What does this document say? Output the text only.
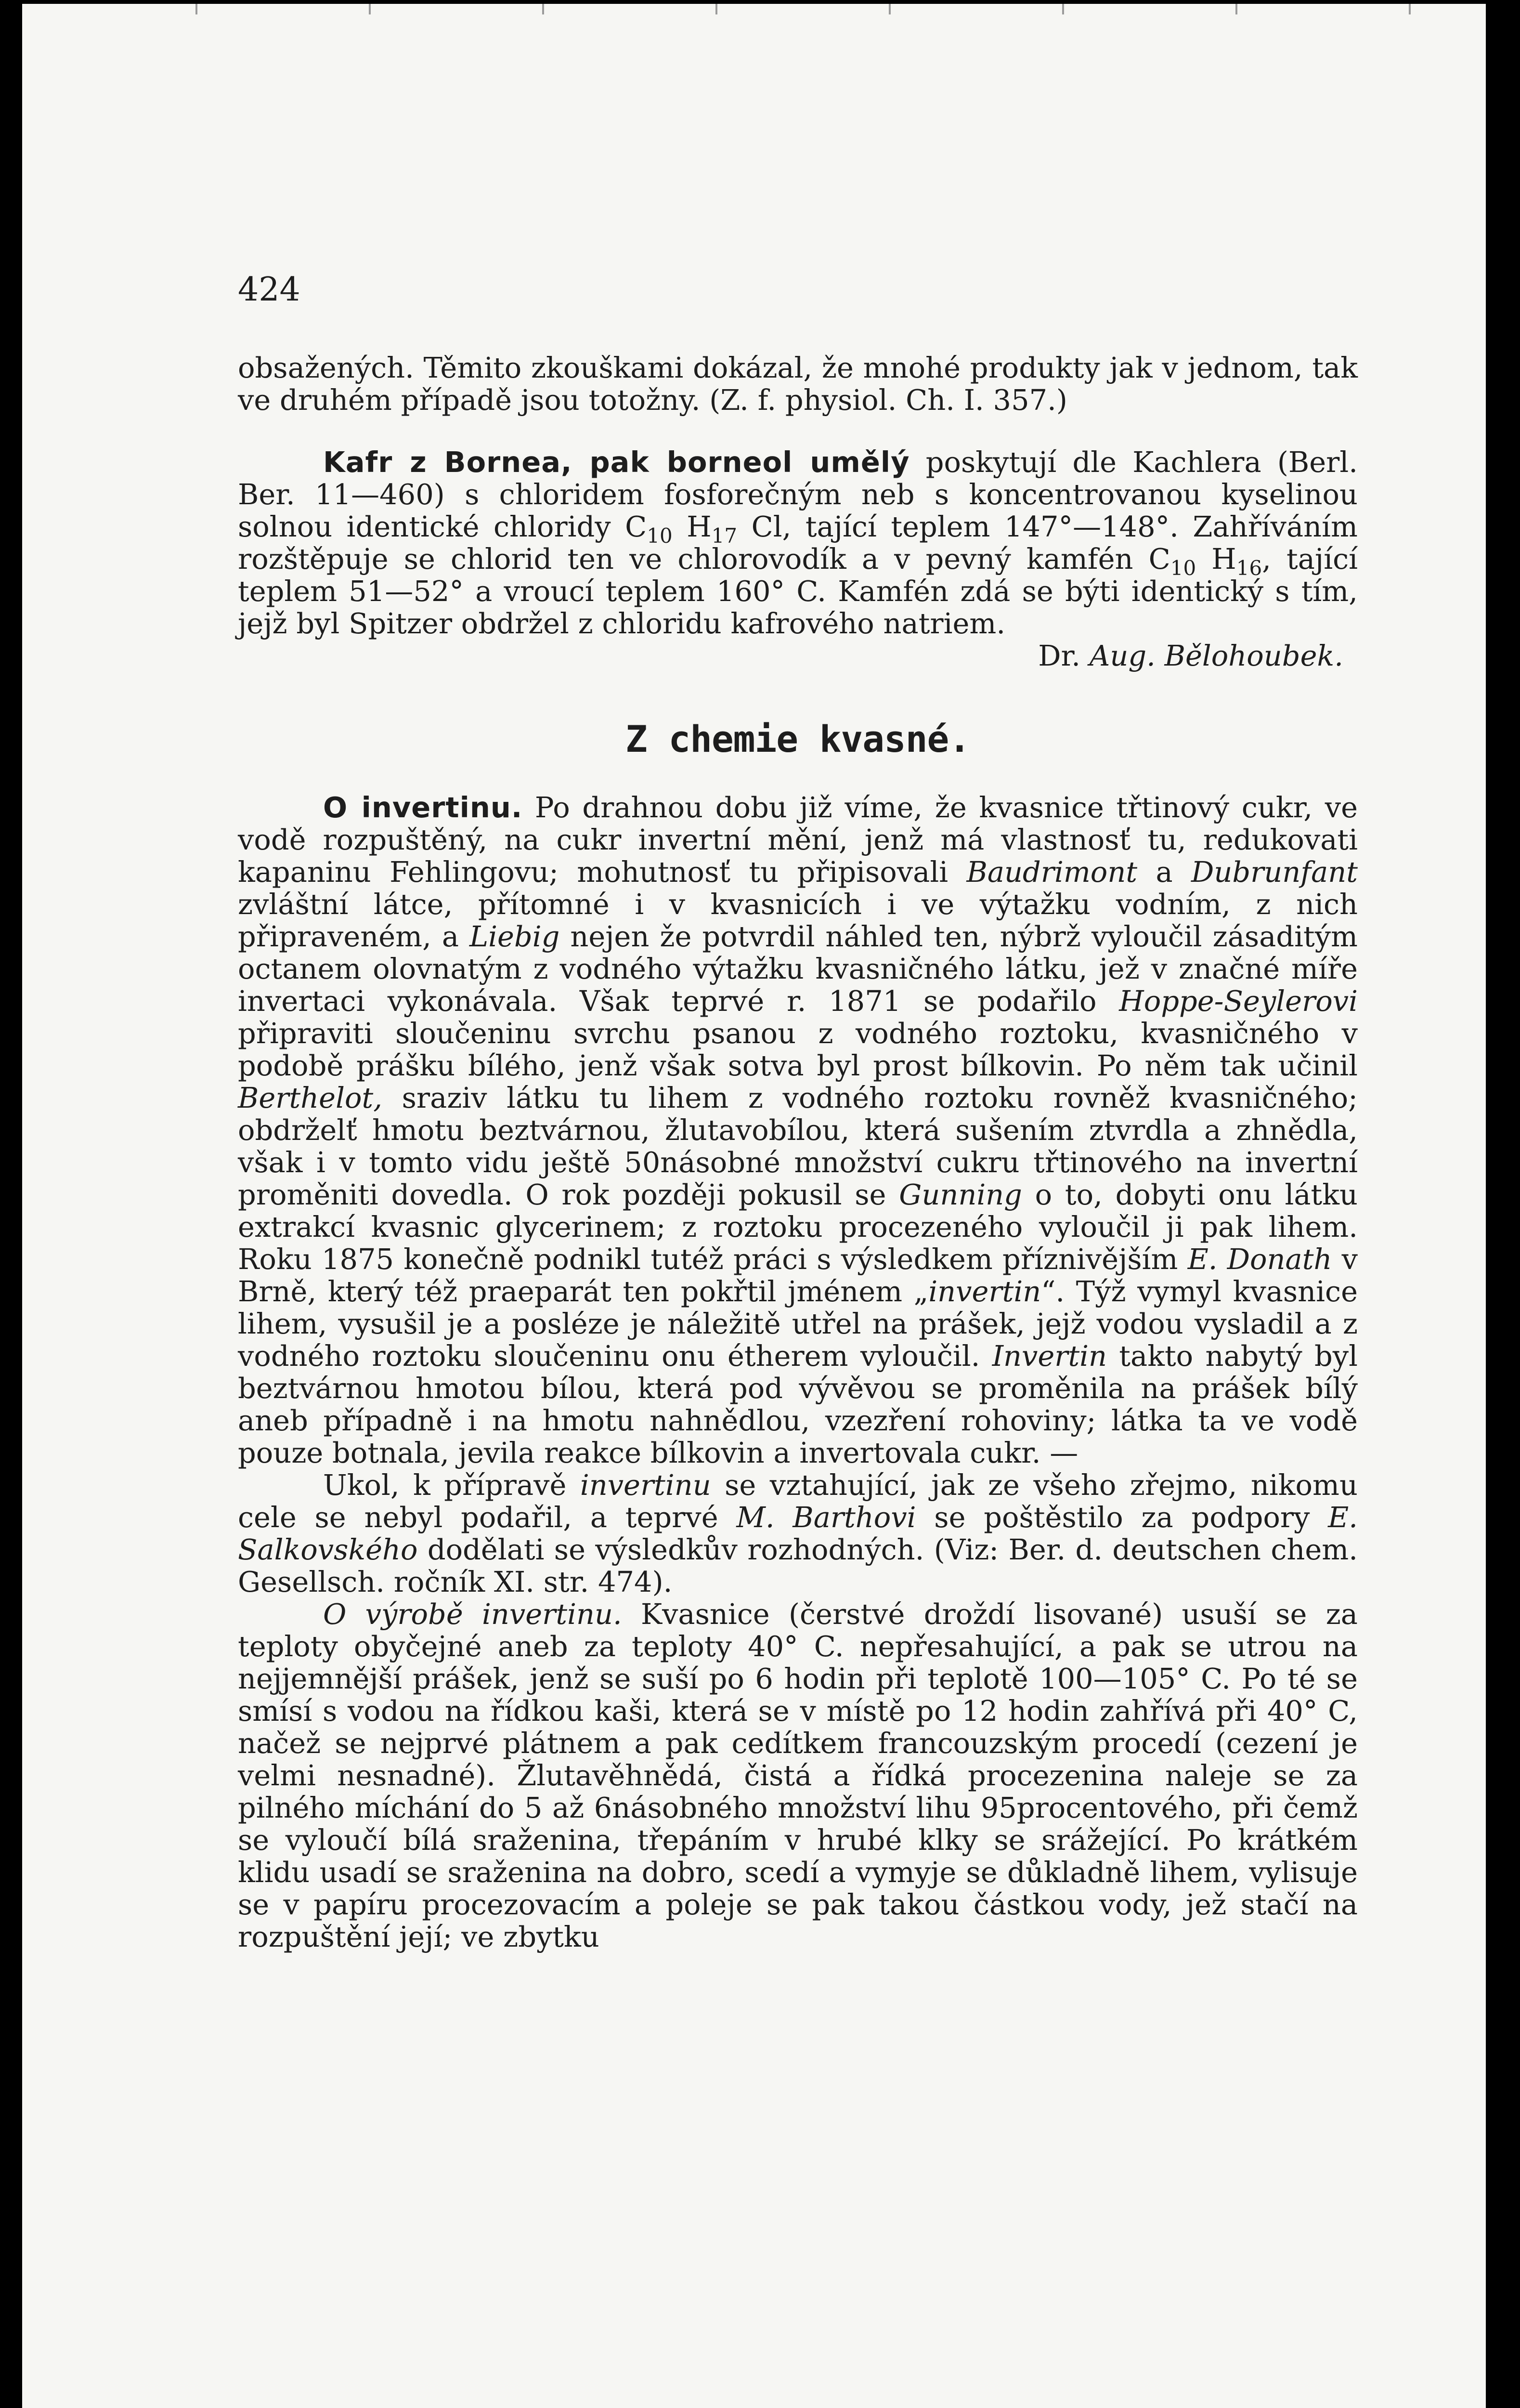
424

obsažených. Těmito zkouškami dokázal, že mnohé produkty jak v jednom, tak ve druhém případě jsou totožny. (Z. f. physiol. Ch. I. 357.)

Kafr z Bornea, pak borneol umělý poskytují dle Kachlera (Berl. Ber. 11—460) s chloridem fosforečným neb s koncentrovanou kyselinou solnou identické chloridy $C_{10}$ $H_{17}$ Cl, tající teplem 147°—148°. Zahříváním rozštěpuje se chlorid ten ve chlorovodík a v pevný kamfén $C_{10}$ $H_{16}$, tající teplem 51—52° a vroucí teplem 160° C. Kamfén zdá se býti identický s tím, jejž byl Spitzer obdržel z chloridu kafrového natriem.

Dr. Aug. Bělohoubek.

Z chemie kvasné.

O invertinu. Po drahnou dobu již víme, že kvasnice třtinový cukr, ve vodě rozpuštěný, na cukr invertní mění, jenž má vlastnosť tu, redukovati kapaninu Fehlingovu; mohutnosť tu připisovali Baudrimont a Dubrunfant zvláštní látce, přítomné i v kvasnicích i ve výtažku vodním, z nich připraveném, a Liebig nejen že potvrdil náhled ten, nýbrž vyloučil zásaditým octanem olovnatým z vodného výtažku kvasničného látku, jež v značné míře invertaci vykonávala. Však teprvé r. 1871 se podařilo Hoppe-Seylerovi připraviti sloučeninu svrchu psanou z vodného roztoku, kvasničného v podobě prášku bílého, jenž však sotva byl prost bílkovin. Po něm tak učinil Berthelot, sraziv látku tu lihem z vodného roztoku rovněž kvasničného; obdrželť hmotu beztvárnou, žlutavobílou, která sušením ztvrdla a zhnědla, však i v tomto vidu ještě 50násobné množství cukru třtinového na invertní proměniti dovedla. O rok později pokusil se Gunning o to, dobyti onu látku extrakcí kvasnic glycerinem; z roztoku procezeného vyloučil ji pak lihem. Roku 1875 konečně podnikl tutéž práci s výsledkem příznivějším E. Donath v Brně, který též praeparát ten pokřtil jménem „invertin“. Týž vymyl kvasnice lihem, vysušil je a posléze je náležitě utřel na prášek, jejž vodou vysladil a z vodného roztoku sloučeninu onu étherem vyloučil. Invertin takto nabytý byl beztvárnou hmotou bílou, která pod vývěvou se proměnila na prášek bílý aneb případně i na hmotu nahnědlou, vzezření rohoviny; látka ta ve vodě pouze botnala, jevila reakce bílkovin a invertovala cukr. —

Ukol, k přípravě invertinu se vztahující, jak ze všeho zřejmo, nikomu cele se nebyl podařil, a teprvé M. Barthovi se poštěstilo za podpory E. Salkovského dodělati se výsledkův rozhodných. (Viz: Ber. d. deutschen chem. Gesellsch. ročník XI. str. 474).

O výrobě invertinu. Kvasnice (čerstvé droždí lisované) usuší se za teploty obyčejné aneb za teploty 40° C. nepřesahující, a pak se utrou na nejjemnější prášek, jenž se suší po 6 hodin při teplotě 100—105° C. Po té se smísí s vodou na řídkou kaši, která se v místě po 12 hodin zahřívá při 40° C, načež se nejprvé plátnem a pak cedítkem francouzským procedí (cezení je velmi nesnadné). Žlutavěhnědá, čistá a řídká procezenina naleje se za pilného míchání do 5 až 6násobného množství lihu 95procentového, při čemž se vyloučí bílá sraženina, třepáním v hrubé klky se srážející. Po krátkém klidu usadí se sraženina na dobro, scedí a vymyje se důkladně lihem, vylisuje se v papíru procezovacím a poleje se pak takou částkou vody, jež stačí na rozpuštění její; ve zbytku
